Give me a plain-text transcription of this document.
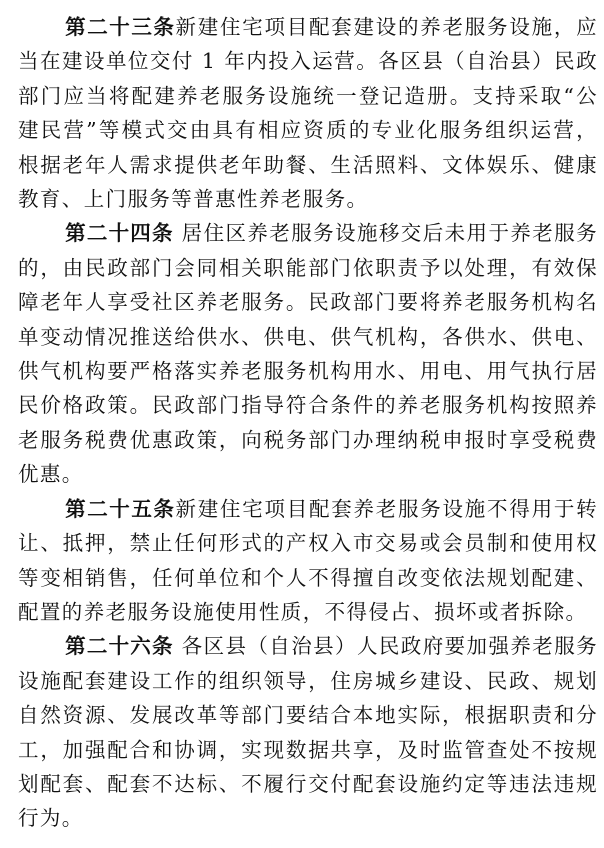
第二十三条新建住宅项目配套建设的养老服务设施，应当在建设单位交付 1 年内投入运营。各区县（自治县）民政部门应当将配建养老服务设施统一登记造册。支持采取“公建民营”等模式交由具有相应资质的专业化服务组织运营，根据老年人需求提供老年助餐、生活照料、文体娱乐、健康教育、上门服务等普惠性养老服务。

第二十四条 居住区养老服务设施移交后未用于养老服务的，由民政部门会同相关职能部门依职责予以处理，有效保障老年人享受社区养老服务。民政部门要将养老服务机构名单变动情况推送给供水、供电、供气机构，各供水、供电、供气机构要严格落实养老服务机构用水、用电、用气执行居民价格政策。民政部门指导符合条件的养老服务机构按照养老服务税费优惠政策，向税务部门办理纳税申报时享受税费优惠。

第二十五条新建住宅项目配套养老服务设施不得用于转让、抵押，禁止任何形式的产权入市交易或会员制和使用权等变相销售，任何单位和个人不得擅自改变依法规划配建、配置的养老服务设施使用性质，不得侵占、损坏或者拆除。

第二十六条 各区县（自治县）人民政府要加强养老服务设施配套建设工作的组织领导，住房城乡建设、民政、规划自然资源、发展改革等部门要结合本地实际，根据职责和分工，加强配合和协调，实现数据共享，及时监管查处不按规划配套、配套不达标、不履行交付配套设施约定等违法违规行为。
